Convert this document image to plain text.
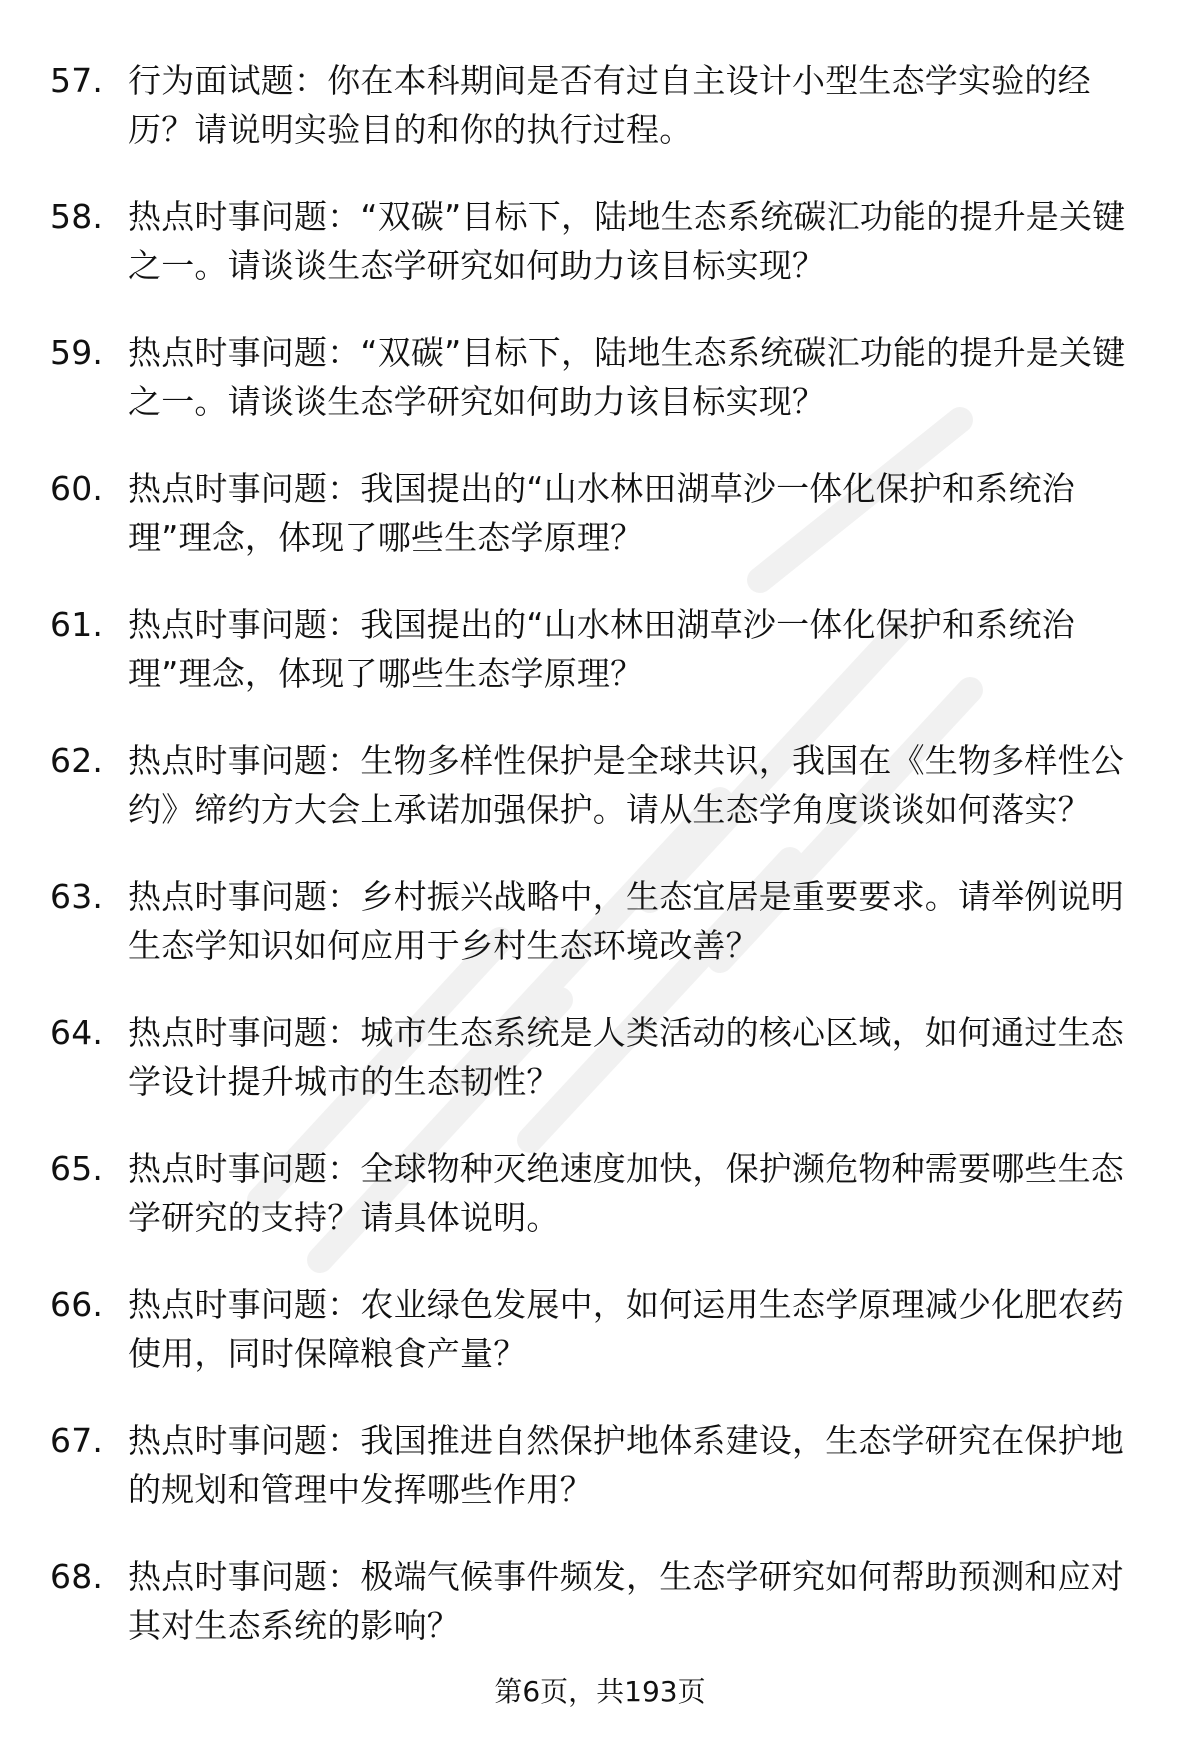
57. 行为面试题：你在本科期间是否有过自主设计小型生态学实验的经历？请说明实验目的和你的执行过程。
58. 热点时事问题：“双碳”目标下，陆地生态系统碳汇功能的提升是关键之一。请谈谈生态学研究如何助力该目标实现？
59. 热点时事问题：“双碳”目标下，陆地生态系统碳汇功能的提升是关键之一。请谈谈生态学研究如何助力该目标实现？
60. 热点时事问题：我国提出的“山水林田湖草沙一体化保护和系统治理”理念，体现了哪些生态学原理？
61. 热点时事问题：我国提出的“山水林田湖草沙一体化保护和系统治理”理念，体现了哪些生态学原理？
62. 热点时事问题：生物多样性保护是全球共识，我国在《生物多样性公约》缔约方大会上承诺加强保护。请从生态学角度谈谈如何落实？
63. 热点时事问题：乡村振兴战略中，生态宜居是重要要求。请举例说明生态学知识如何应用于乡村生态环境改善？
64. 热点时事问题：城市生态系统是人类活动的核心区域，如何通过生态学设计提升城市的生态韧性？
65. 热点时事问题：全球物种灭绝速度加快，保护濒危物种需要哪些生态学研究的支持？请具体说明。
66. 热点时事问题：农业绿色发展中，如何运用生态学原理减少化肥农药使用，同时保障粮食产量？
67. 热点时事问题：我国推进自然保护地体系建设，生态学研究在保护地的规划和管理中发挥哪些作用？
68. 热点时事问题：极端气候事件频发，生态学研究如何帮助预测和应对其对生态系统的影响？
第6页，共193页
